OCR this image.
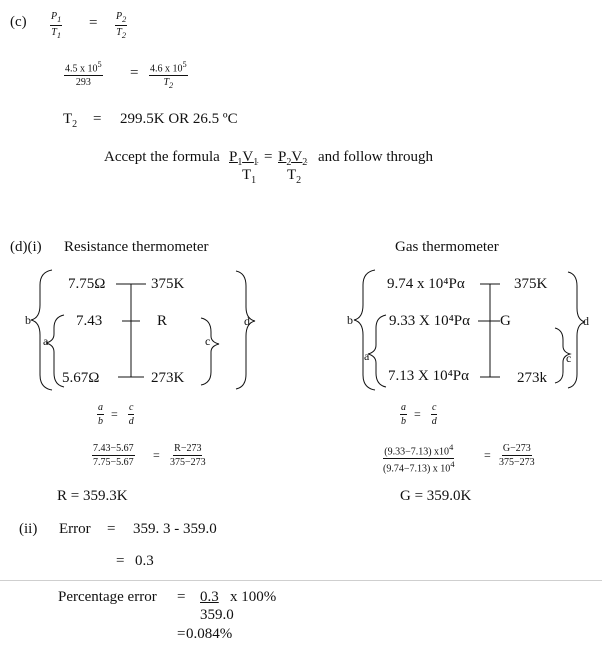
$(c) \frac{P_1}{T_1} = \frac{P_2}{T_2}$
$\frac{4.5 x 10^5}{293} = \frac{4.6 x 10^5}{T_2}$
$T_2 = 299.5K$ OR 26.5 ºC
Accept the formula $P_1V_1 = P_2V_2$ and follow through
$T_1$ $T_2$
(d)(i) Resistance thermometer	Gas thermometer
7.75Ω
7.43
5.67Ω
375K
R
273K
b
a	c
d
9.74 x 10⁴Pα
9.33 X 10⁴Pα
7.13 X 10⁴Pα
375K
G
273k
b
a	c
d
$\frac{a}{b} = \frac{c}{d}$	$\frac{a}{b} = \frac{c}{d}$
$\frac{7.43-5.67}{7.75-5.67} = \frac{R-273}{375-273}$	$\frac{(9.33-7.13) x10^4}{(9.74-7.13) x 10^4} = \frac{G-273}{375-273}$
R = 359.3K	G = 359.0K
(ii) Error = 359. 3 - 359.0
= 0.3
Percentage error = 0.3 x 100%
359.0
= 0.084%
